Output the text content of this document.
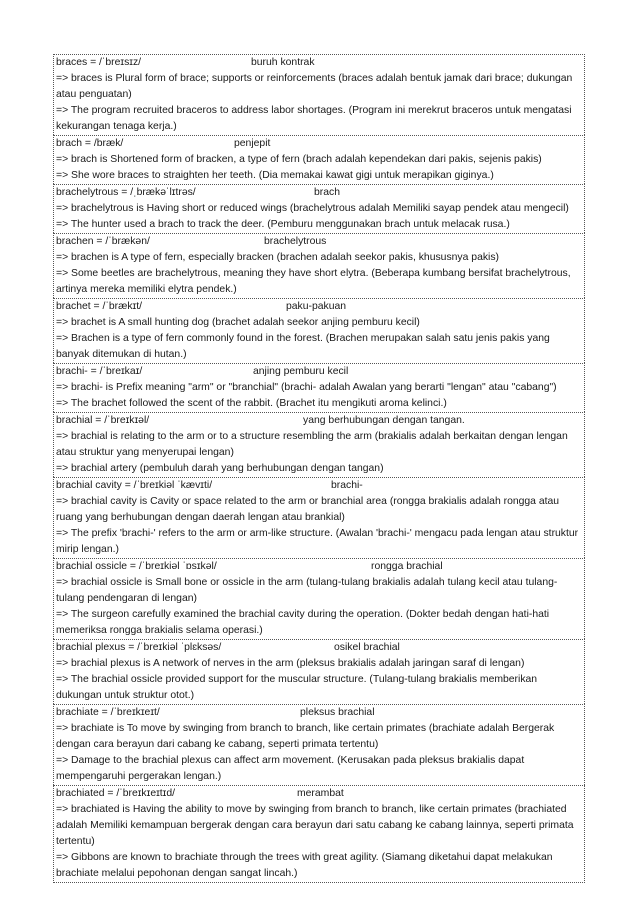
braces = /ˈbreɪsɪz/	buruh kontrak
=> braces is Plural form of brace; supports or reinforcements (braces adalah bentuk jamak dari brace; dukungan atau penguatan)
=> The program recruited braceros to address labor shortages. (Program ini merekrut braceros untuk mengatasi kekurangan tenaga kerja.)
brach = /bræk/	penjepit
=> brach is Shortened form of bracken, a type of fern (brach adalah kependekan dari pakis, sejenis pakis)
=> She wore braces to straighten her teeth. (Dia memakai kawat gigi untuk merapikan giginya.)
brachelytrous = /ˌbrækəˈlɪtrəs/	brach
=> brachelytrous is Having short or reduced wings (brachelytrous adalah Memiliki sayap pendek atau mengecil)
=> The hunter used a brach to track the deer. (Pemburu menggunakan brach untuk melacak rusa.)
brachen = /ˈbrækən/	brachelytrous
=> brachen is A type of fern, especially bracken (brachen adalah seekor pakis, khususnya pakis)
=> Some beetles are brachelytrous, meaning they have short elytra. (Beberapa kumbang bersifat brachelytrous, artinya mereka memiliki elytra pendek.)
brachet = /ˈbrækɪt/	paku-pakuan
=> brachet is A small hunting dog (brachet adalah seekor anjing pemburu kecil)
=> Brachen is a type of fern commonly found in the forest. (Brachen merupakan salah satu jenis pakis yang banyak ditemukan di hutan.)
brachi- = /ˈbreɪkaɪ/	anjing pemburu kecil
=> brachi- is Prefix meaning "arm" or "branchial" (brachi- adalah Awalan yang berarti "lengan" atau "cabang")
=> The brachet followed the scent of the rabbit. (Brachet itu mengikuti aroma kelinci.)
brachial = /ˈbreɪkɪəl/	yang berhubungan dengan tangan.
=> brachial is relating to the arm or to a structure resembling the arm (brakialis adalah berkaitan dengan lengan atau struktur yang menyerupai lengan)
=> brachial artery (pembuluh darah yang berhubungan dengan tangan)
brachial cavity = /ˈbreɪkiəl ˈkævɪti/	brachi-
=> brachial cavity is Cavity or space related to the arm or branchial area (rongga brakialis adalah rongga atau ruang yang berhubungan dengan daerah lengan atau brankial)
=> The prefix 'brachi-' refers to the arm or arm-like structure. (Awalan 'brachi-' mengacu pada lengan atau struktur mirip lengan.)
brachial ossicle = /ˈbreɪkiəl ˈɒsɪkəl/	rongga brachial
=> brachial ossicle is Small bone or ossicle in the arm (tulang-tulang brakialis adalah tulang kecil atau tulang-tulang pendengaran di lengan)
=> The surgeon carefully examined the brachial cavity during the operation. (Dokter bedah dengan hati-hati memeriksa rongga brakialis selama operasi.)
brachial plexus = /ˈbreɪkiəl ˈplɛksəs/	osikel brachial
=> brachial plexus is A network of nerves in the arm (pleksus brakialis adalah jaringan saraf di lengan)
=> The brachial ossicle provided support for the muscular structure. (Tulang-tulang brakialis memberikan dukungan untuk struktur otot.)
brachiate = /ˈbreɪkɪeɪt/	pleksus brachial
=> brachiate is To move by swinging from branch to branch, like certain primates (brachiate adalah Bergerak dengan cara berayun dari cabang ke cabang, seperti primata tertentu)
=> Damage to the brachial plexus can affect arm movement. (Kerusakan pada pleksus brakialis dapat mempengaruhi pergerakan lengan.)
brachiated = /ˈbreɪkɪeɪtɪd/	merambat
=> brachiated is Having the ability to move by swinging from branch to branch, like certain primates (brachiated adalah Memiliki kemampuan bergerak dengan cara berayun dari satu cabang ke cabang lainnya, seperti primata tertentu)
=> Gibbons are known to brachiate through the trees with great agility. (Siamang diketahui dapat melakukan brachiate melalui pepohonan dengan sangat lincah.)
